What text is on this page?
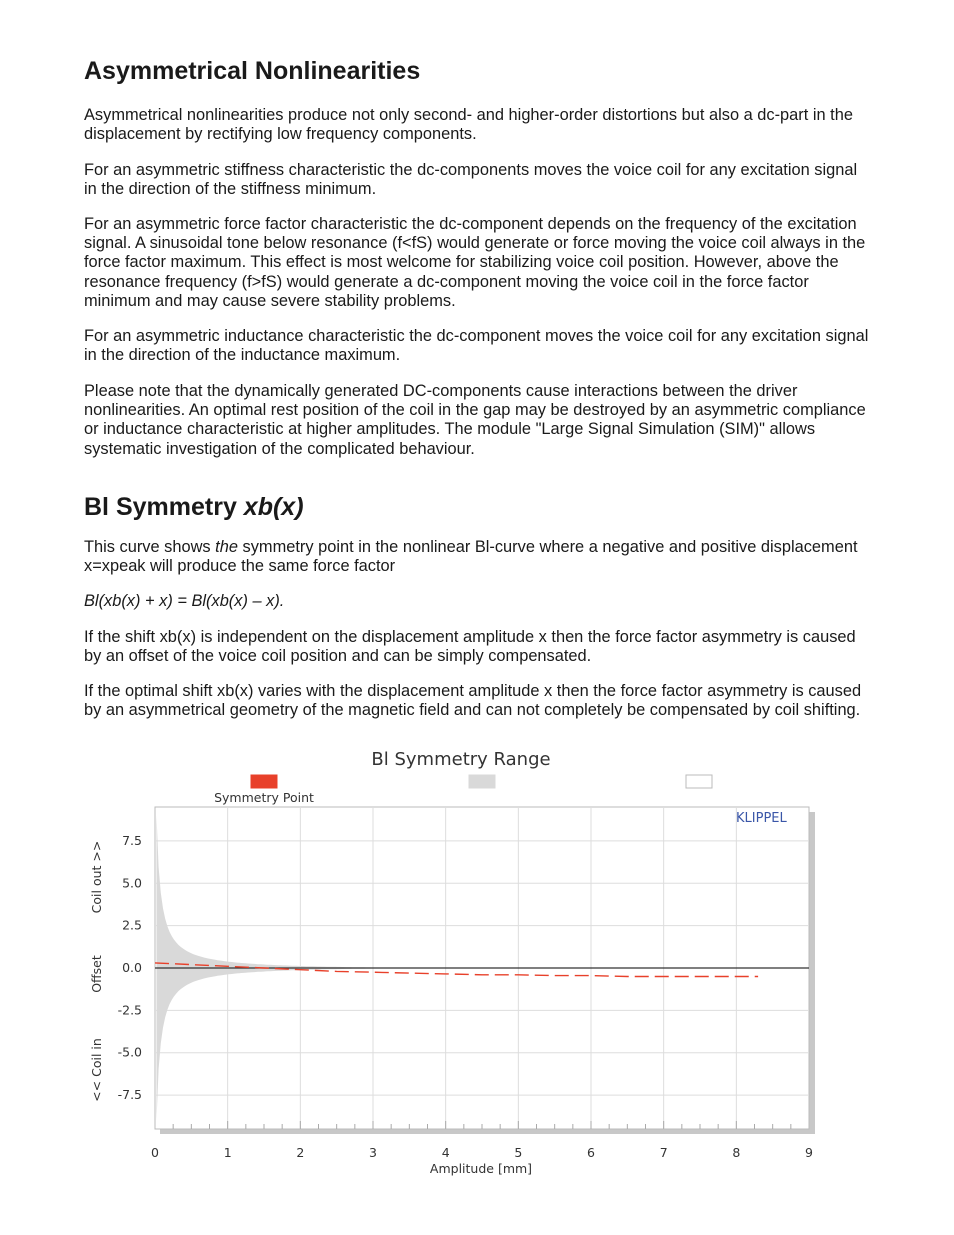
Asymmetrical Nonlinearities

Asymmetrical nonlinearities produce not only second- and higher-order distortions but also a dc-part in the displacement by rectifying low frequency components.

For an asymmetric stiffness characteristic the dc-components moves the voice coil for any excitation signal in the direction of the stiffness minimum.

For an asymmetric force factor characteristic the dc-component depends on the frequency of the excitation signal. A sinusoidal tone below resonance (f<fS) would generate or force moving the voice coil always in the force factor maximum. This effect is most welcome for stabilizing voice coil position. However, above the resonance frequency (f>fS) would generate a dc-component moving the voice coil in the force factor minimum and may cause severe stability problems.

For an asymmetric inductance characteristic the dc-component moves the voice coil for any excitation signal in the direction of the inductance maximum.

Please note that the dynamically generated DC-components cause interactions between the driver nonlinearities. An optimal rest position of the coil in the gap may be destroyed by an asymmetric compliance or inductance characteristic at higher amplitudes. The module "Large Signal Simulation (SIM)" allows systematic investigation of the complicated behaviour.

Bl Symmetry xb(x)

This curve shows the symmetry point in the nonlinear Bl-curve where a negative and positive displacement x=xpeak will produce the same force factor

Bl(xb(x) + x) = Bl(xb(x) – x).

If the shift xb(x) is independent on the displacement amplitude x then the force factor asymmetry is caused by an offset of the voice coil position and can be simply compensated.

If the optimal shift xb(x) varies with the displacement amplitude x then the force factor asymmetry is caused by an asymmetrical geometry of the magnetic field and can not completely be compensated by coil shifting.

Bl Symmetry Range
Symmetry Point
0	1	2	3	4	5	6	7	8	9
7.5
5.0
2.5
0.0
-2.5
-5.0
-7.5
Amplitude [mm]
Coil out >>
Offset
<< Coil in
KLIPPEL
